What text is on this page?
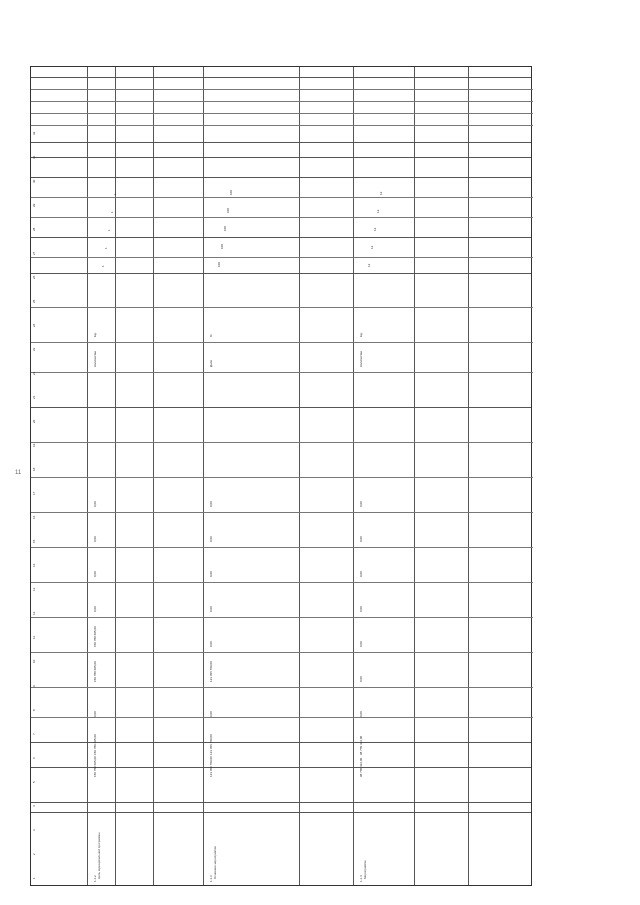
11
1
2
3
4
5
6
7
8
9
10
11
12
13
14
15
16
17
18
19
20
21
22
23
24
25
26
27
28
29
30
31
32
1.1.2 Цель муниципальной программы
150 780 605,00
150 780 605,00
0,00
150 780 605,00
150 780 605,00
0,00
0,00
0,00
0,00
Количество
Ед.
1
1
1
1
1
1.1.3 Основное мероприятие
123 456 789,00
123 456 789,00
0,00
123 456 789,00
0,00
0,00
0,00
0,00
0,00
Доля
%
100
100
100
100
100
1.1.4 Мероприятие
98 765 432,00
98 765 432,00
0,00
0,00
0,00
0,00
0,00
0,00
0,00
Количество
Ед.
12
12
12
12
12
